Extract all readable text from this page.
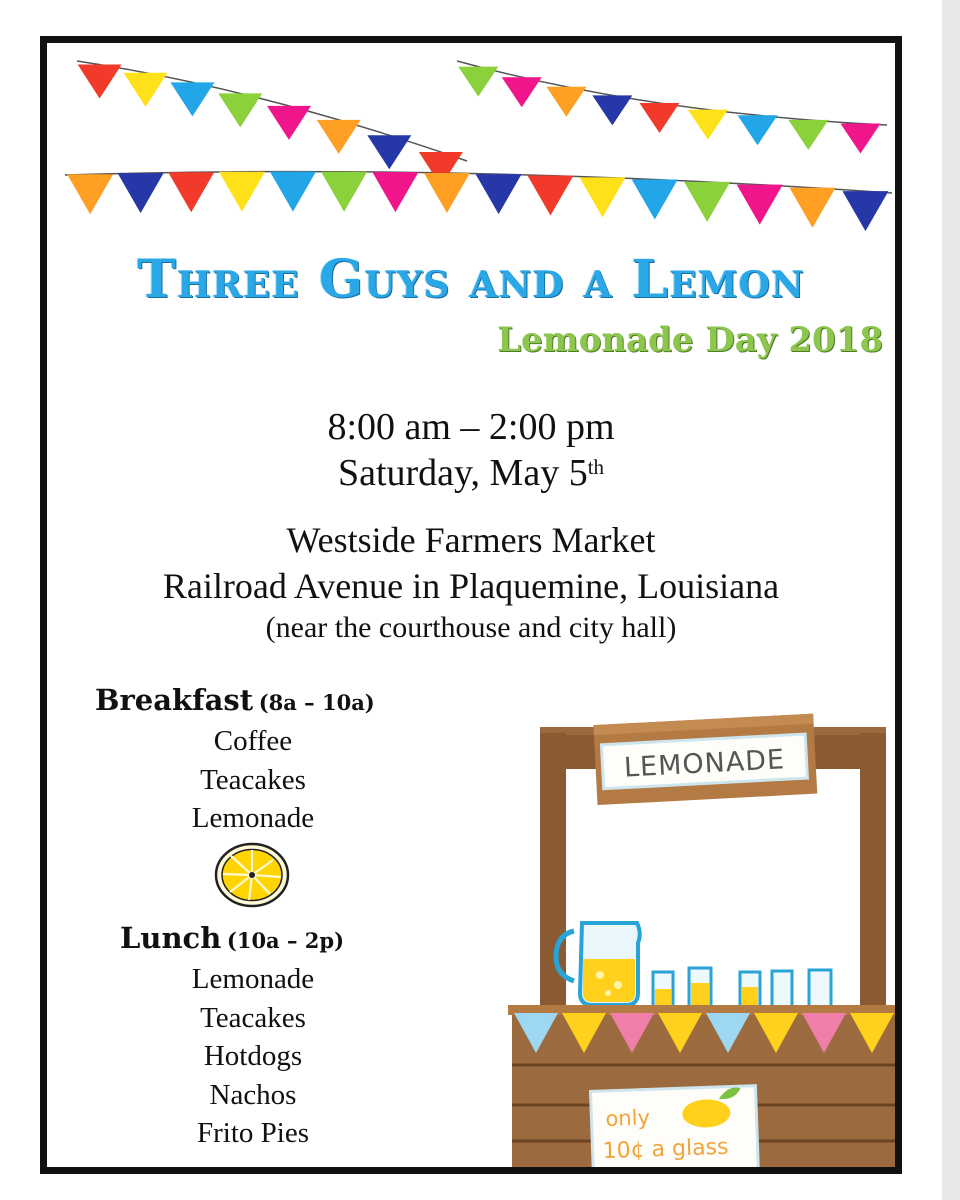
Three Guys and a Lemon
Lemonade Day 2018
8:00 am – 2:00 pm
Saturday, May 5th
Westside Farmers Market
Railroad Avenue in Plaquemine, Louisiana
(near the courthouse and city hall)
Breakfast (8a – 10a)
Coffee
Teacakes
Lemonade
Lunch (10a – 2p)
Lemonade
Teacakes
Hotdogs
Nachos
Frito Pies
LEMONADE
only
10¢ a glass
